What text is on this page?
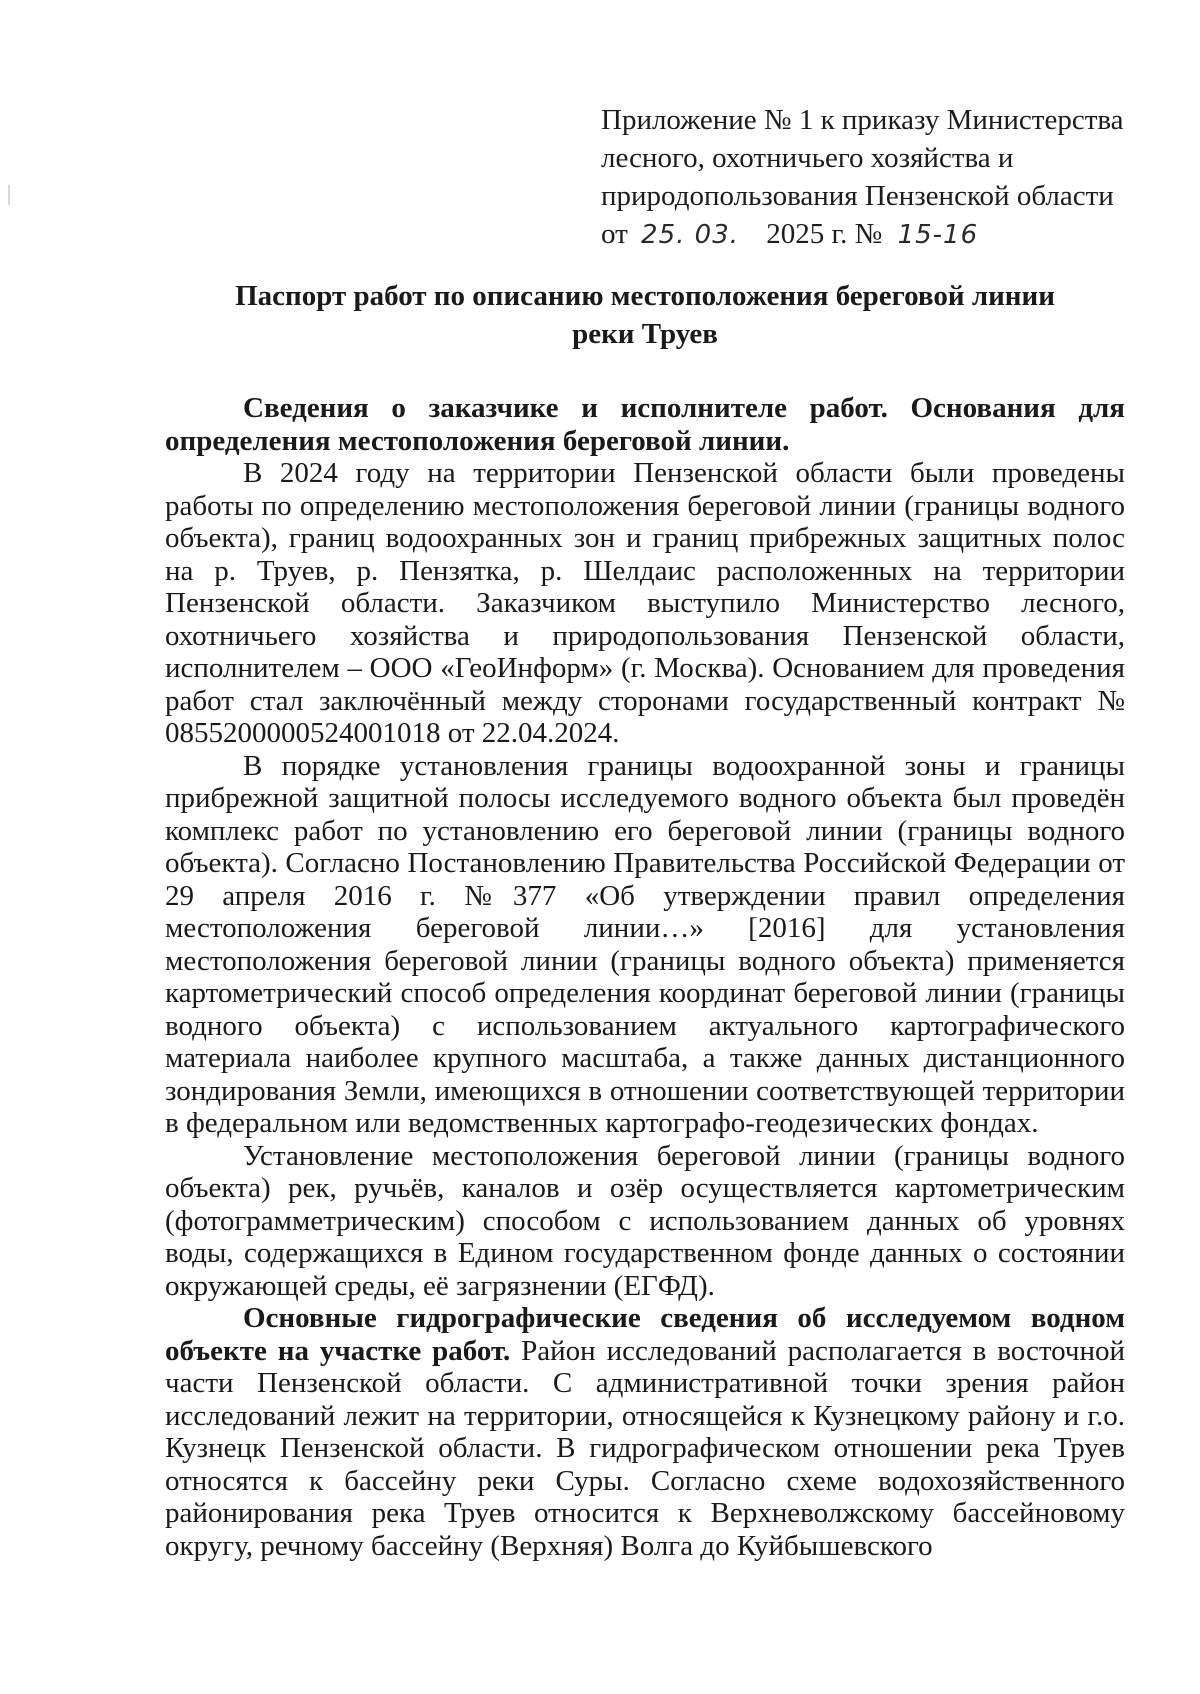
Приложение № 1 к приказу Министерства
лесного, охотничьего хозяйства и
природопользования Пензенской области
от 25. 03. 2025 г. № 15-16
Паспорт работ по описанию местоположения береговой линии
реки Труев

Сведения о заказчике и исполнителе работ. Основания для определения местоположения береговой линии.

В 2024 году на территории Пензенской области были проведены работы по определению местоположения береговой линии (границы водного объекта), границ водоохранных зон и границ прибрежных защитных полос на р. Труев, р. Пензятка, р. Шелдаис расположенных на территории Пензенской области. Заказчиком выступило Министерство лесного, охотничьего хозяйства и природопользования Пензенской области, исполнителем – ООО «ГеоИнформ» (г. Москва). Основанием для проведения работ стал заключённый между сторонами государственный контракт № 0855200000524001018 от 22.04.2024.

В порядке установления границы водоохранной зоны и границы прибрежной защитной полосы исследуемого водного объекта был проведён комплекс работ по установлению его береговой линии (границы водного объекта). Согласно Постановлению Правительства Российской Федерации от 29 апреля 2016 г. №377 «Об утверждении правил определения местоположения береговой линии…» [2016] для установления местоположения береговой линии (границы водного объекта) применяется картометрический способ определения координат береговой линии (границы водного объекта) с использованием актуального картографического материала наиболее крупного масштаба, а также данных дистанционного зондирования Земли, имеющихся в отношении соответствующей территории в федеральном или ведомственных картографо-геодезических фондах.

Установление местоположения береговой линии (границы водного объекта) рек, ручьёв, каналов и озёр осуществляется картометрическим (фотограмметрическим) способом с использованием данных об уровнях воды, содержащихся в Едином государственном фонде данных о состоянии окружающей среды, её загрязнении (ЕГФД).

Основные гидрографические сведения об исследуемом водном объекте на участке работ. Район исследований располагается в восточной части Пензенской области. С административной точки зрения район исследований лежит на территории, относящейся к Кузнецкому району и г.о. Кузнецк Пензенской области. В гидрографическом отношении река Труев относятся к бассейну реки Суры. Согласно схеме водохозяйственного районирования река Труев относится к Верхневолжскому бассейновому округу, речному бассейну (Верхняя) Волга до Куйбышевского
